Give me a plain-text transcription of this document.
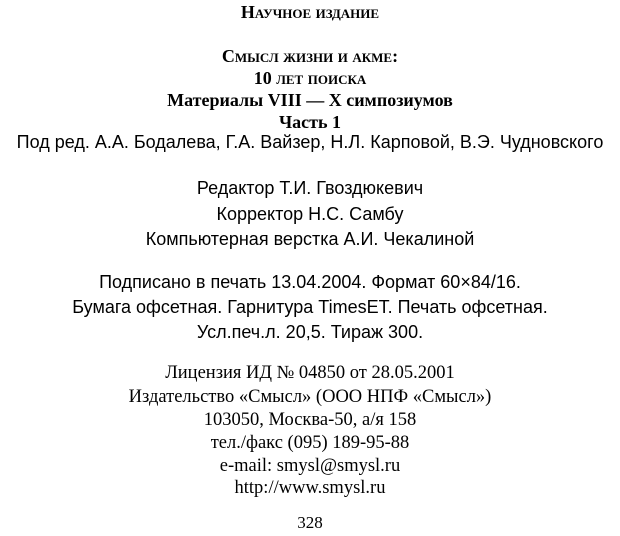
Научное издание
Смысл жизни и акме:
10 лет поиска
Материалы VIII — X симпозиумов
Часть 1
Под ред. А.А. Бодалева, Г.А. Вайзер, Н.Л. Карповой, В.Э. Чудновского
Редактор Т.И. Гвоздюкевич
Корректор Н.С. Самбу
Компьютерная верстка А.И. Чекалиной
Подписано в печать 13.04.2004. Формат 60×84/16.
Бумага офсетная. Гарнитура TimesET. Печать офсетная.
Усл.печ.л. 20,5. Тираж 300.
Лицензия ИД № 04850 от 28.05.2001
Издательство «Смысл» (ООО НПФ «Смысл»)
103050, Москва-50, а/я 158
тел./факс (095) 189-95-88
e-mail: smysl@smysl.ru
http://www.smysl.ru
328
